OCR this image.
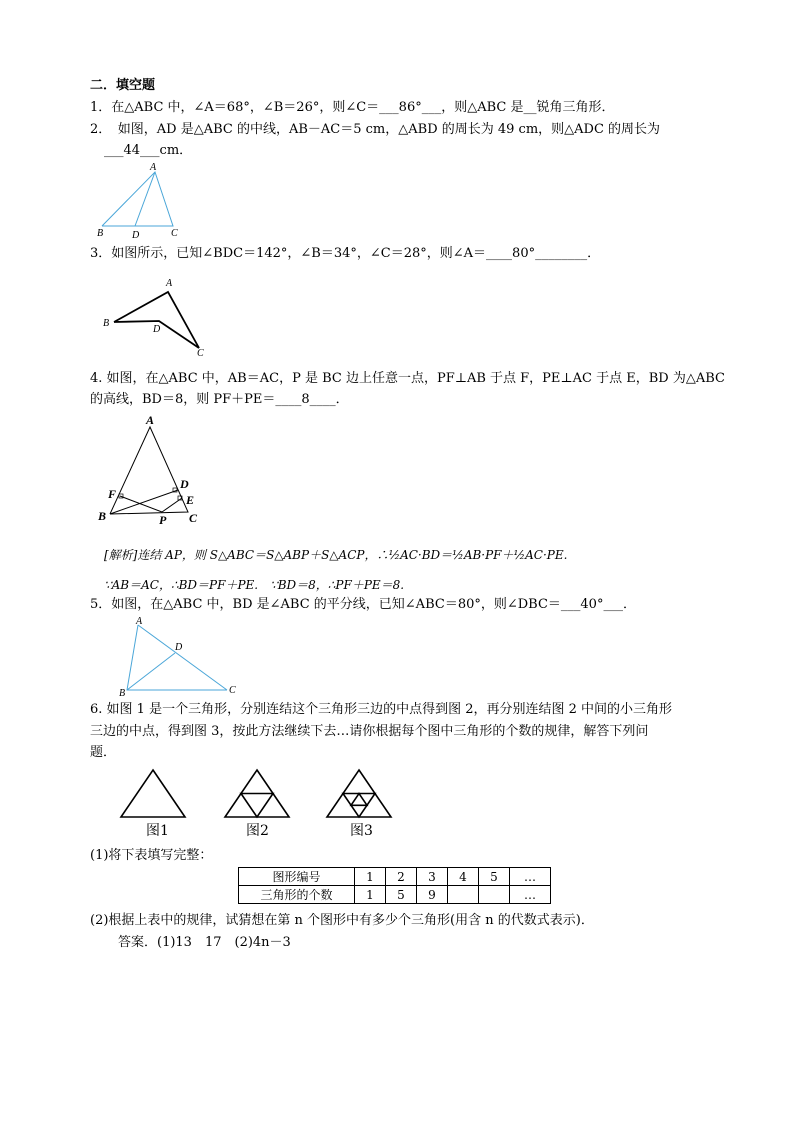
二．填空题
1．在△ABC 中，∠A＝68°，∠B＝26°，则∠C＝___86°___，则△ABC 是__锐角三角形．
2．　如图，AD 是△ABC 的中线，AB－AC＝5 cm，△ABD 的周长为 49 cm，则△ADC 的周长为
___44___cm．
A
B	D	C
3．如图所示，已知∠BDC＝142°，∠B＝34°，∠C＝28°，则∠A＝____80°________．
A
B
D
C
4. 如图，在△ABC 中，AB＝AC，P 是 BC 边上任意一点，PF⊥AB 于点 F，PE⊥AC 于点 E，BD 为△ABC
的高线，BD＝8，则 PF＋PE＝____8____．
A
D
F	E
B	P C
[解析]连结 AP，则 S△ABC＝S△ABP＋S△ACP，∴½AC·BD＝½AB·PF＋½AC·PE.
∵AB＝AC，∴BD＝PF＋PE.　∵BD＝8，∴PF＋PE＝8.
5．如图，在△ABC 中，BD 是∠ABC 的平分线，已知∠ABC＝80°，则∠DBC＝___40°___．
A
D
B	C
6. 如图 1 是一个三角形，分别连结这个三角形三边的中点得到图 2，再分别连结图 2 中间的小三角形
三边的中点，得到图 3，按此方法继续下去…请你根据每个图中三角形的个数的规律，解答下列问
题．
图1	图2	图3
(1)将下表填写完整：
图形编号	1	2	3	4	5	…
三角形的个数	1	5	9			…
(2)根据上表中的规律，试猜想在第 n 个图形中有多少个三角形(用含 n 的代数式表示)．
答案．(1)13　17　(2)4n－3
